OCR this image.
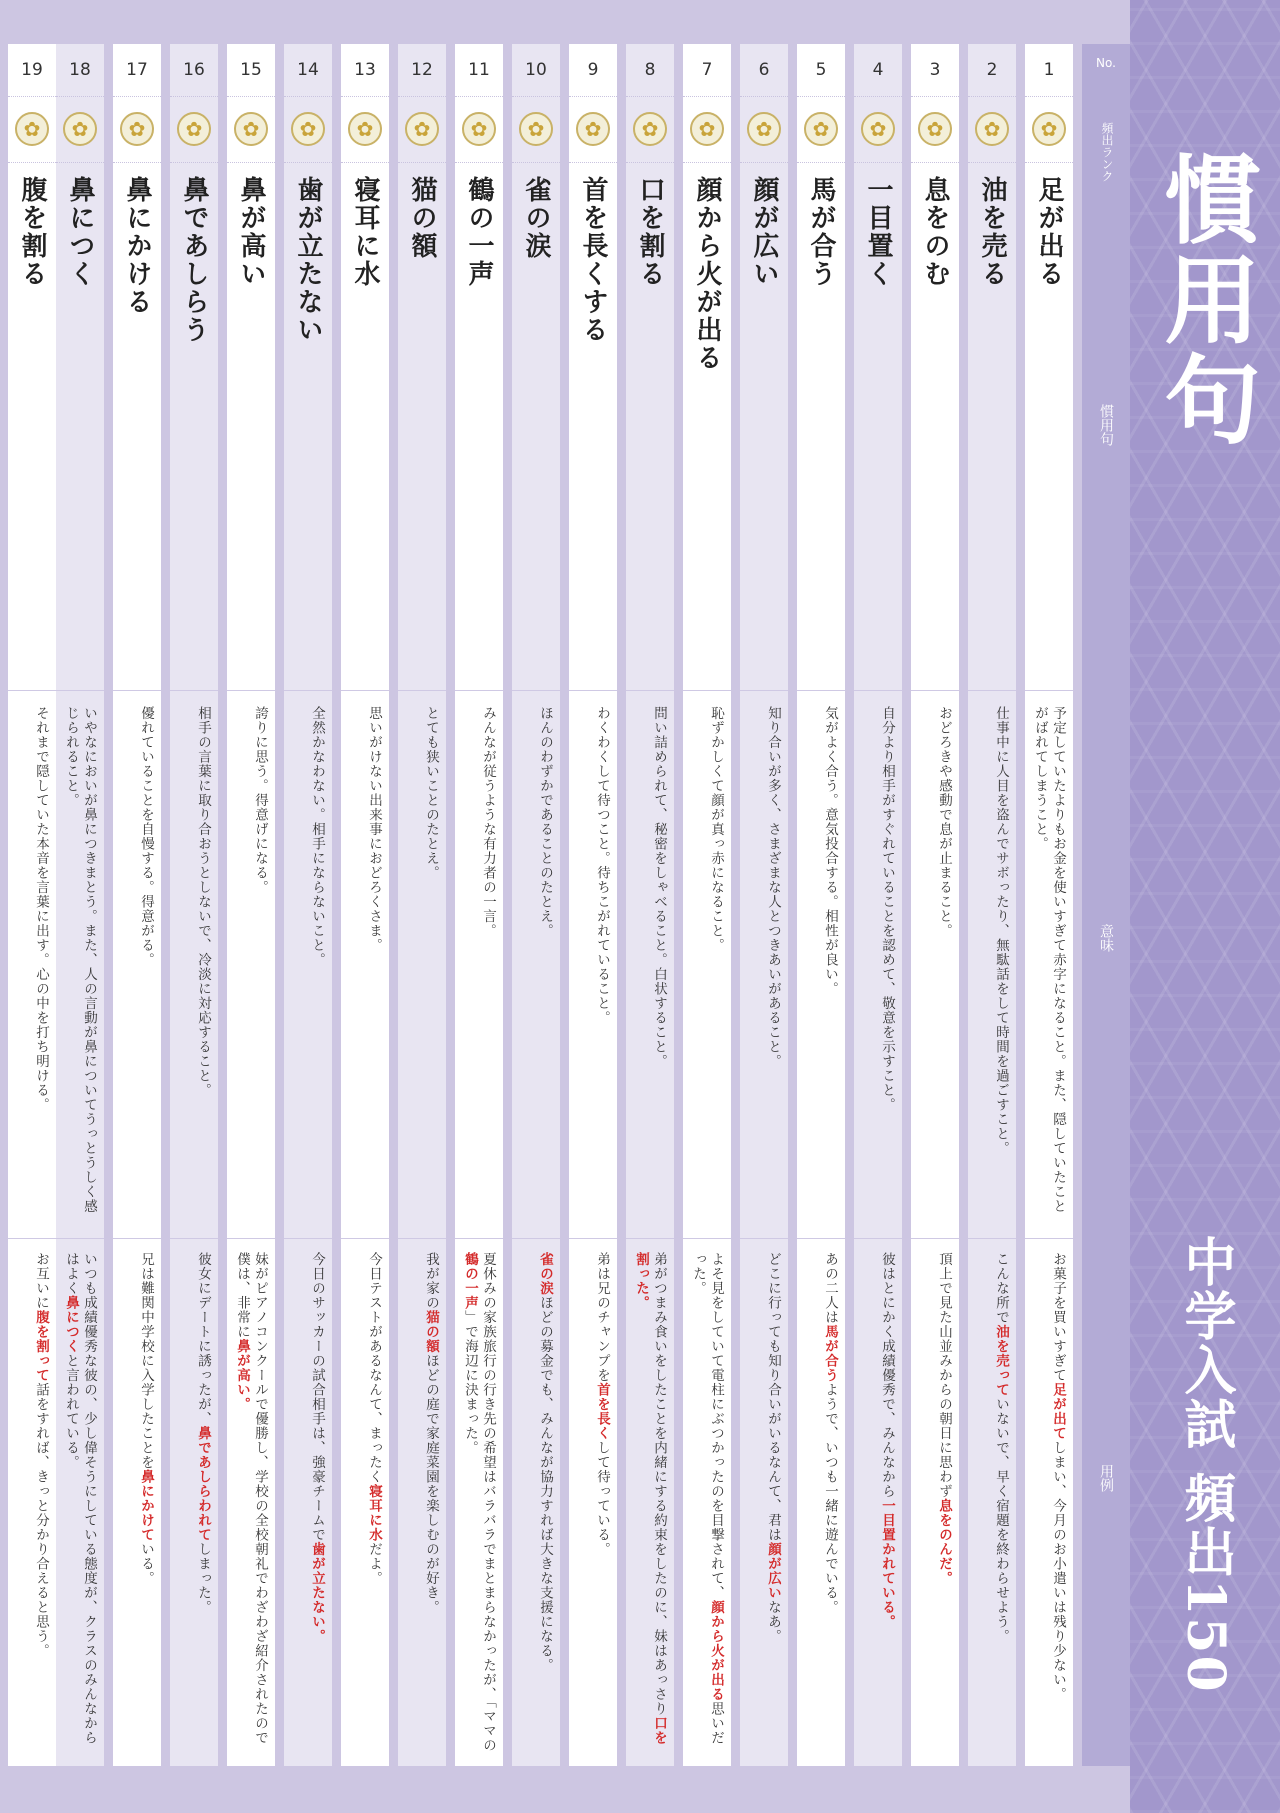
慣用句
中学入試 頻出150
No.
頻出ランク
慣用句
意味
用例
1
✿
足が出る
予定していたよりもお金を使いすぎて赤字になること。また、隠していたことがばれてしまうこと。
お菓子を買いすぎて足が出てしまい、今月のお小遣いは残り少ない。
2
✿
油を売る
仕事中に人目を盗んでサボったり、無駄話をして時間を過ごすこと。
こんな所で油を売っていないで、早く宿題を終わらせよう。
3
✿
息をのむ
おどろきや感動で息が止まること。
頂上で見た山並みからの朝日に思わず息をのんだ。
4
✿
一目置く
自分より相手がすぐれていることを認めて、敬意を示すこと。
彼はとにかく成績優秀で、みんなから一目置かれている。
5
✿
馬が合う
気がよく合う。意気投合する。相性が良い。
あの二人は馬が合うようで、いつも一緒に遊んでいる。
6
✿
顔が広い
知り合いが多く、さまざまな人とつきあいがあること。
どこに行っても知り合いがいるなんて、君は顔が広いなあ。
7
✿
顔から火が出る
恥ずかしくて顔が真っ赤になること。
よそ見をしていて電柱にぶつかったのを目撃されて、顔から火が出る思いだった。
8
✿
口を割る
問い詰められて、秘密をしゃべること。白状すること。
弟がつまみ食いをしたことを内緒にする約束をしたのに、妹はあっさり口を割った。
9
✿
首を長くする
わくわくして待つこと。待ちこがれていること。
弟は兄のチャンプを首を長くして待っている。
10
✿
雀の涙
ほんのわずかであることのたとえ。
雀の涙ほどの募金でも、みんなが協力すれば大きな支援になる。
11
✿
鶴の一声
みんなが従うような有力者の一言。
夏休みの家族旅行の行き先の希望はバラバラでまとまらなかったが、「ママの鶴の一声」で海辺に決まった。
12
✿
猫の額
とても狭いことのたとえ。
我が家の猫の額ほどの庭で家庭菜園を楽しむのが好き。
13
✿
寝耳に水
思いがけない出来事におどろくさま。
今日テストがあるなんて、まったく寝耳に水だよ。
14
✿
歯が立たない
全然かなわない。相手にならないこと。
今日のサッカーの試合相手は、強豪チームで歯が立たない。
15
✿
鼻が高い
誇りに思う。得意げになる。
妹がピアノコンクールで優勝し、学校の全校朝礼でわざわざ紹介されたので僕は、非常に鼻が高い。
16
✿
鼻であしらう
相手の言葉に取り合おうとしないで、冷淡に対応すること。
彼女にデートに誘ったが、鼻であしらわれてしまった。
17
✿
鼻にかける
優れていることを自慢する。得意がる。
兄は難関中学校に入学したことを鼻にかけている。
18
✿
鼻につく
いやなにおいが鼻につきまとう。また、人の言動が鼻についてうっとうしく感じられること。
いつも成績優秀な彼の、少し偉そうにしている態度が、クラスのみんなからはよく鼻につくと言われている。
19
✿
腹を割る
それまで隠していた本音を言葉に出す。心の中を打ち明ける。
お互いに腹を割って話をすれば、きっと分かり合えると思う。
